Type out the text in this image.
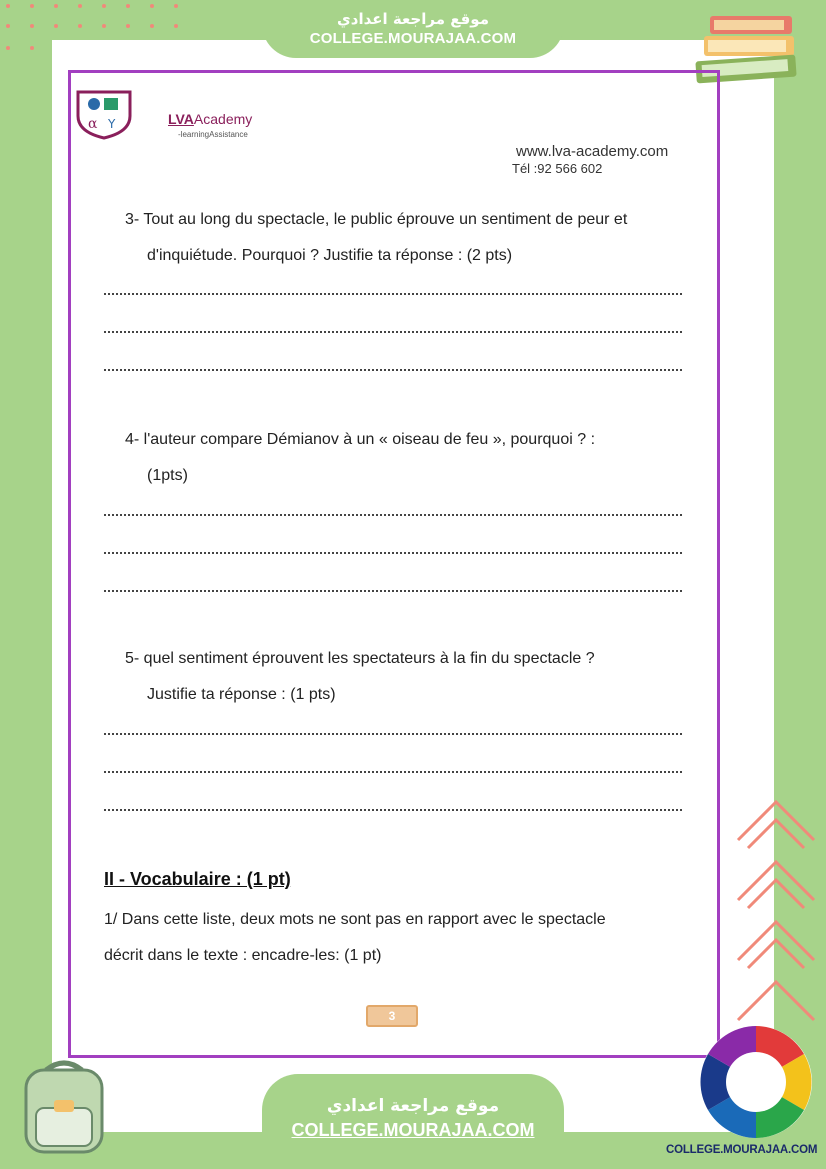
موقع مراجعة اعدادي
COLLEGE.MOURAJAA.COM
α Y	LVAAcademy
-learningAssistance
www.lva-academy.com
Tél :92 566 602
3- Tout au long du spectacle, le public éprouve un sentiment de peur et
d'inquiétude. Pourquoi ? Justifie ta réponse : (2 pts)
4- l'auteur compare Démianov à un « oiseau de feu », pourquoi ? :
(1pts)
5- quel sentiment éprouvent les spectateurs à la fin du spectacle ?
Justifie ta réponse : (1 pts)
II - Vocabulaire : (1 pt)
1/ Dans cette liste, deux mots ne sont pas en rapport avec le spectacle
décrit dans le texte : encadre-les: (1 pt)
3
موقع مراجعة اعدادي
COLLEGE.MOURAJAA.COM
COLLEGE.MOURAJAA.COM
